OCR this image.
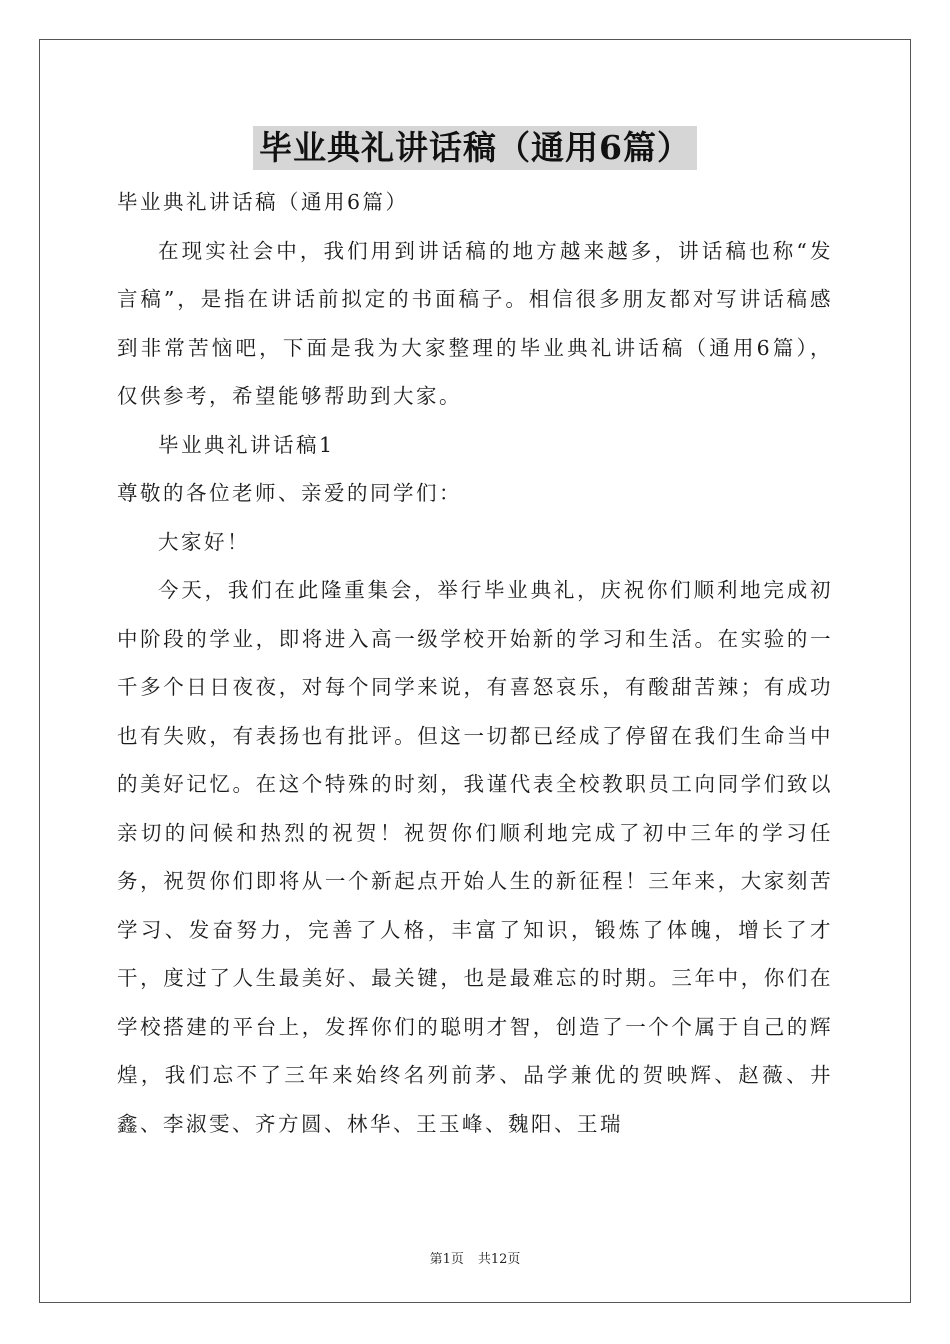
毕业典礼讲话稿（通用6篇）

毕业典礼讲话稿（通用6篇）

在现实社会中，我们用到讲话稿的地方越来越多，讲话稿也称“发言稿”，是指在讲话前拟定的书面稿子。相信很多朋友都对写讲话稿感到非常苦恼吧，下面是我为大家整理的毕业典礼讲话稿（通用6篇），仅供参考，希望能够帮助到大家。

毕业典礼讲话稿1

尊敬的各位老师、亲爱的同学们：

大家好！

今天，我们在此隆重集会，举行毕业典礼，庆祝你们顺利地完成初中阶段的学业，即将进入高一级学校开始新的学习和生活。在实验的一千多个日日夜夜，对每个同学来说，有喜怒哀乐，有酸甜苦辣；有成功也有失败，有表扬也有批评。但这一切都已经成了停留在我们生命当中的美好记忆。在这个特殊的时刻，我谨代表全校教职员工向同学们致以亲切的问候和热烈的祝贺！祝贺你们顺利地完成了初中三年的学习任务，祝贺你们即将从一个新起点开始人生的新征程！三年来，大家刻苦学习、发奋努力，完善了人格，丰富了知识，锻炼了体魄，增长了才干，度过了人生最美好、最关键，也是最难忘的时期。三年中，你们在学校搭建的平台上，发挥你们的聪明才智，创造了一个个属于自己的辉煌，我们忘不了三年来始终名列前茅、品学兼优的贺映辉、赵薇、井鑫、李淑雯、齐方圆、林华、王玉峰、魏阳、王瑞

第1页 共12页
